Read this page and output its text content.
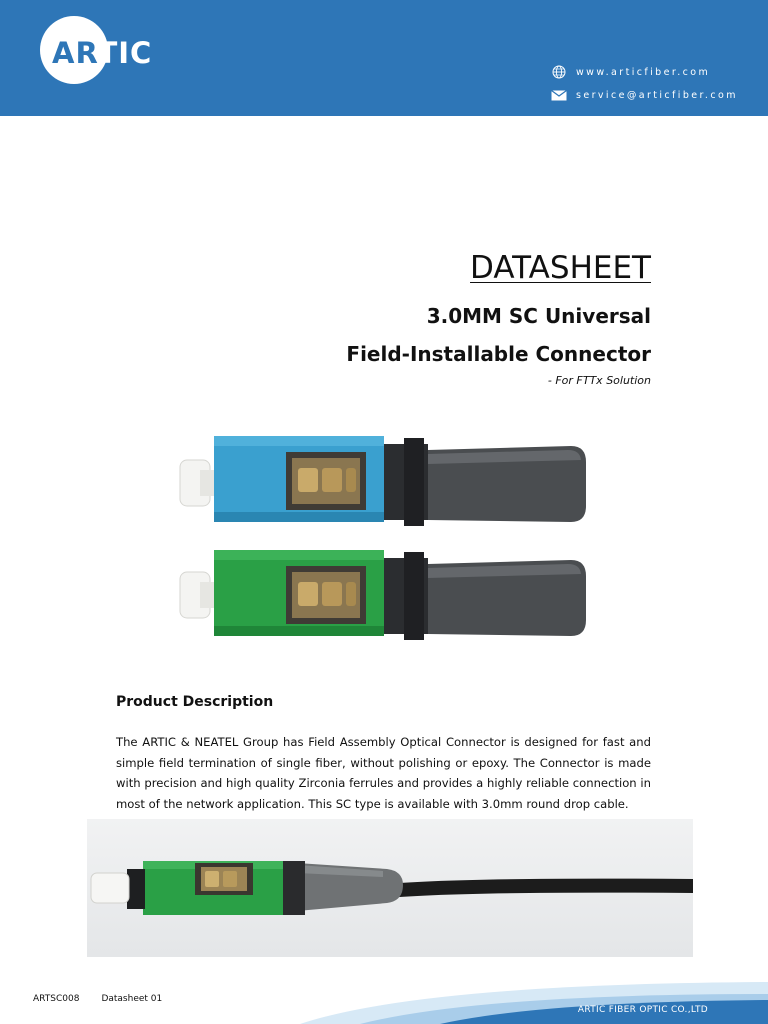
ARTIC
www.articfiber.com
service@articfiber.com
DATASHEET
3.0MM SC Universal
Field-Installable Connector
- For FTTx Solution
Product Description
The ARTIC & NEATEL Group has Field Assembly Optical Connector is designed for fast and simple field termination of single fiber, without polishing or epoxy. The Connector is made with precision and high quality Zirconia ferrules and provides a highly reliable connection in most of the network application. This SC type is available with 3.0mm round drop cable.
ARTSC008 Datasheet 01
ARTIC FIBER OPTIC CO.,LTD
